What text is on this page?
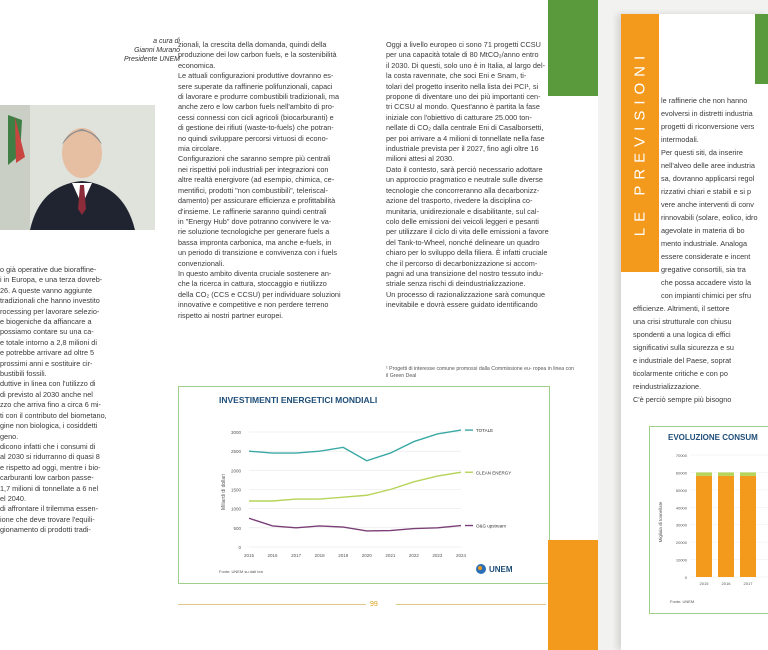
a cura di
Gianni Murano
Presidente UNEM
o già operative due bioraffine-
i in Europa, e una terza dovreb-
26. A queste vanno aggiunte
tradizionali che hanno investito
rocessing per lavorare selezio-
e biogeniche da affiancare a
possiamo contare su una ca-
e totale intorno a 2,8 milioni di
e potrebbe arrivare ad oltre 5
prossimi anni e sostituire cir-
bustibili fossili.
duttive in linea con l'utilizzo di
di previsto al 2030 anche nel
zzo che arriva fino a circa 6 mi-
ti con il contributo del biometano,
gine non biologica, i cosiddetti
geno.
dicono infatti che i consumi di
al 2030 si ridurranno di quasi 8
e rispetto ad oggi, mentre i bio-
carburanti low carbon passe-
1,7 milioni di tonnellate a 6 nel
el 2040.
di affrontare il trilemma essen-
ione che deve trovare l'equili-
gionamento di prodotti tradi-
zionali, la crescita della domanda, quindi della
produzione dei low carbon fuels, e la sostenibilità
economica.
Le attuali configurazioni produttive dovranno es-
sere superate da raffinerie polifunzionali, capaci
di lavorare e produrre combustibili tradizionali, ma
anche zero e low carbon fuels nell'ambito di pro-
cessi connessi con cicli agricoli (biocarburanti) e
di gestione dei rifiuti (waste-to-fuels) che potran-
no quindi sviluppare percorsi virtuosi di econo-
mia circolare.
Configurazioni che saranno sempre più centrali
nei rispettivi poli industriali per integrazioni con
altre realtà energivore (ad esempio, chimica, ce-
mentifici, prodotti "non combustibili", teleriscal-
damento) per assicurare efficienza e profittabilità
d'insieme. Le raffinerie saranno quindi centrali
in "Energy Hub" dove potranno convivere le va-
rie soluzione tecnologiche per generare fuels a
bassa impronta carbonica, ma anche e-fuels, in
un periodo di transizione e convivenza con i fuels
convenzionali.
In questo ambito diventa cruciale sostenere an-
che la ricerca in cattura, stoccaggio e riutilizzo
della CO₂ (CCS e CCSU) per individuare soluzioni
innovative e competitive e non perdere terreno
rispetto ai nostri partner europei.
Oggi a livello europeo ci sono 71 progetti CCSU
per una capacità totale di 80 MtCO₂/anno entro
il 2030. Di questi, solo uno è in Italia, al largo del-
la costa ravennate, che soci Eni e Snam, ti-
tolari del progetto inserito nella lista dei PCI¹, si
propone di diventare uno dei più importanti cen-
tri CCSU al mondo. Quest'anno è partita la fase
iniziale con l'obiettivo di catturare 25.000 ton-
nellate di CO₂ dalla centrale Eni di Casalborsetti,
per poi arrivare a 4 milioni di tonnellate nella fase
industriale prevista per il 2027, fino agli oltre 16
milioni attesi al 2030.
Dato il contesto, sarà perciò necessario adottare
un approccio pragmatico e neutrale sulle diverse
tecnologie che concorreranno alla decarbonizz-
azione del trasporto, rivedere la disciplina co-
munitaria, unidirezionale e disabilitante, sul cal-
colo delle emissioni dei veicoli leggeri e pesanti
per utilizzare il ciclo di vita delle emissioni a favore
del Tank-to-Wheel, nonché delineare un quadro
chiaro per lo sviluppo della filiera. È infatti cruciale
che il percorso di decarbonizzazione si accom-
pagni ad una transizione del nostro tessuto indu-
striale senza rischi di deindustrializzazione.
Un processo di razionalizzazione sarà comunque
inevitabile e dovrà essere guidato identificando
¹ Progetti di interesse comune promossi dalla Commissione eu- ropea in linea con il Green Deal
INVESTIMENTI ENERGETICI MONDIALI
0
500
1000
1500
2000
2500
3000
2015	2016	2017	2018	2019	2020	2021	2022	2023	2024
Miliardi di dollari
TOTALE
CLEAN ENERGY
O&G upstream
Fonte: UNEM su dati Iea	UNEM
99
le raffinerie che non hanno
evolversi in distretti industria
progetti di riconversione vers
intermodali.
Per questi siti, da inserire
nell'alveo delle aree industria
sa, dovranno applicarsi regol
rizzativi chiari e stabili e si p
vere anche interventi di conv
rinnovabili (solare, eolico, idro
agevolate in materia di bo
mento industriale. Analoga
essere considerate e incent
gregative consortili, sia tra
che possa accadere visto la
con impianti chimici per sfru
efficienze. Altrimenti, il settore
una crisi strutturale con chiusu
spondenti a una logica di effici
significativi sulla sicurezza e su
e industriale del Paese, soprat
ticolarmente critiche e con po
reindustrializzazione.
C'è perciò sempre più bisogno
EVOLUZIONE CONSUM
0
10000
20000
30000
40000
50000
60000
70000
Migliaia di tonnellate
2015	2016	2017
Fonte: UNEM
LE PREVISIONI
